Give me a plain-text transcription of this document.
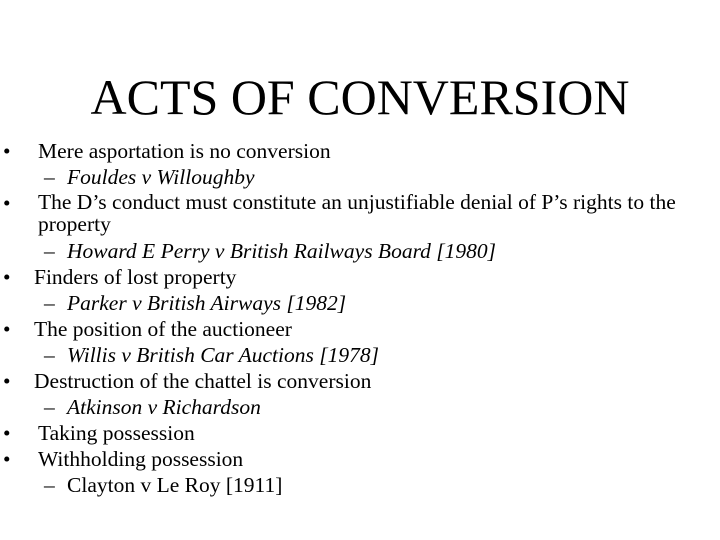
ACTS OF CONVERSION
•	Mere asportation is no conversion
– Fouldes v Willoughby
•	The D’s conduct must constitute an unjustifiable denial of P’s rights to the property
– Howard E Perry v British Railways Board [1980]
•	Finders of lost property
– Parker v British Airways [1982]
•	The position of the auctioneer
– Willis v British Car Auctions [1978]
•	Destruction of the chattel is conversion
– Atkinson v Richardson
•	Taking possession
•	Withholding possession
– Clayton v Le Roy [1911]
